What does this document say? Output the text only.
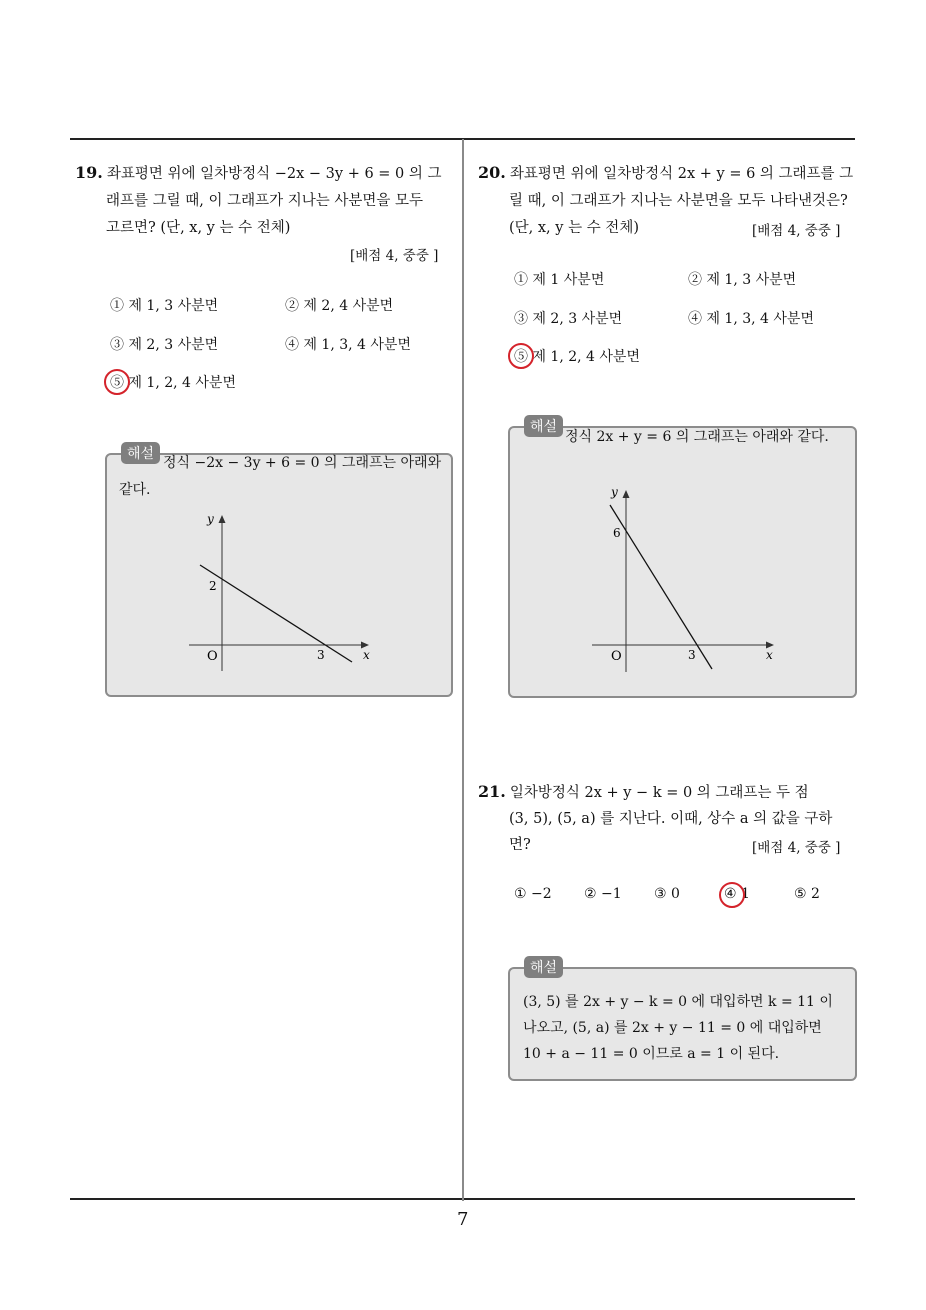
19. 좌표평면 위에 일차방정식 −2x − 3y + 6 = 0 의 그
래프를 그릴 때, 이 그래프가 지나는 사분면을 모두
고르면? (단, x, y 는 수 전체)
[배점 4, 중중 ]
① 제 1, 3 사분면	② 제 2, 4 사분면
③ 제 2, 3 사분면	④ 제 1, 3, 4 사분면
⑤ 제 1, 2, 4 사분면
정식 −2x − 3y + 6 = 0 의 그래프는 아래와
같다.
y
x
O
2
3
해설
20. 좌표평면 위에 일차방정식 2x + y = 6 의 그래프를 그
릴 때, 이 그래프가 지나는 사분면을 모두 나타낸것은?
(단, x, y 는 수 전체)	[배점 4, 중중 ]
① 제 1 사분면	② 제 1, 3 사분면
③ 제 2, 3 사분면	④ 제 1, 3, 4 사분면
⑤ 제 1, 2, 4 사분면
정식 2x + y = 6 의 그래프는 아래와 같다.
y
x
O
6
3
해설
21. 일차방정식 2x + y − k = 0 의 그래프는 두 점
(3, 5), (5, a) 를 지난다. 이때, 상수 a 의 값을 구하
면?	[배점 4, 중중 ]
① −2 ② −1 ③ 0	④ 1	⑤ 2
(3, 5) 를 2x + y − k = 0 에 대입하면 k = 11 이
나오고, (5, a) 를 2x + y − 11 = 0 에 대입하면
10 + a − 11 = 0 이므로 a = 1 이 된다.
해설
7
